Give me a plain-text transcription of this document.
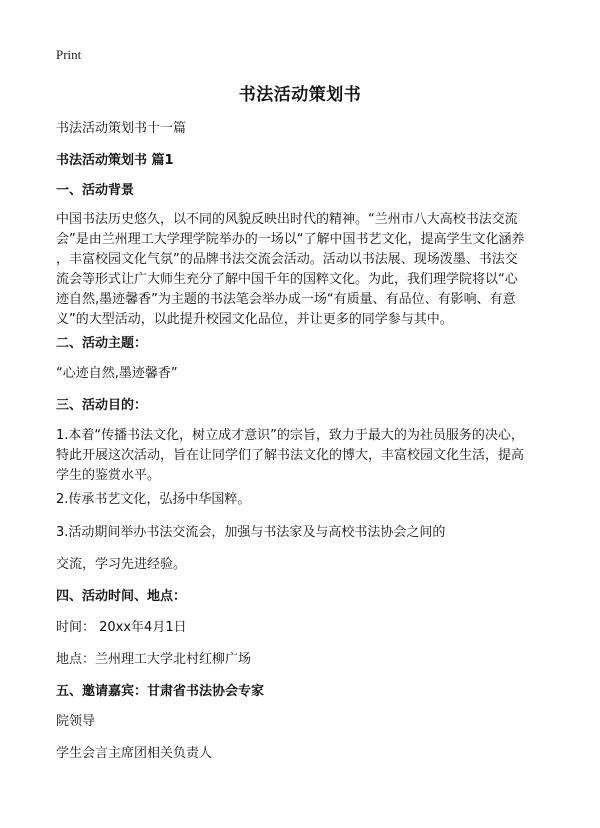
Print
书法活动策划书
书法活动策划书十一篇
书法活动策划书 篇1
一、活动背景
中国书法历史悠久，以不同的风貌反映出时代的精神。“兰州市八大高校书法交流
会”是由兰州理工大学理学院举办的一场以“了解中国书艺文化，提高学生文化涵养
，丰富校园文化气氛”的品牌书法交流会活动。活动以书法展、现场泼墨、书法交
流会等形式让广大师生充分了解中国千年的国粹文化。为此，我们理学院将以“心
迹自然,墨迹馨香”为主题的书法笔会举办成一场“有质量、有品位、有影响、有意
义”的大型活动，以此提升校园文化品位，并让更多的同学参与其中。
二、活动主题：
“心迹自然,墨迹馨香”
三、活动目的：
1.本着“传播书法文化，树立成才意识”的宗旨，致力于最大的为社员服务的决心，
特此开展这次活动，旨在让同学们了解书法文化的博大，丰富校园文化生活，提高
学生的鉴赏水平。
2.传承书艺文化，弘扬中华国粹。
3.活动期间举办书法交流会，加强与书法家及与高校书法协会之间的
交流，学习先进经验。
四、活动时间、地点：
时间： 20xx年4月1日
地点：兰州理工大学北村红柳广场
五、邀请嘉宾：甘肃省书法协会专家
院领导
学生会言主席团相关负责人
